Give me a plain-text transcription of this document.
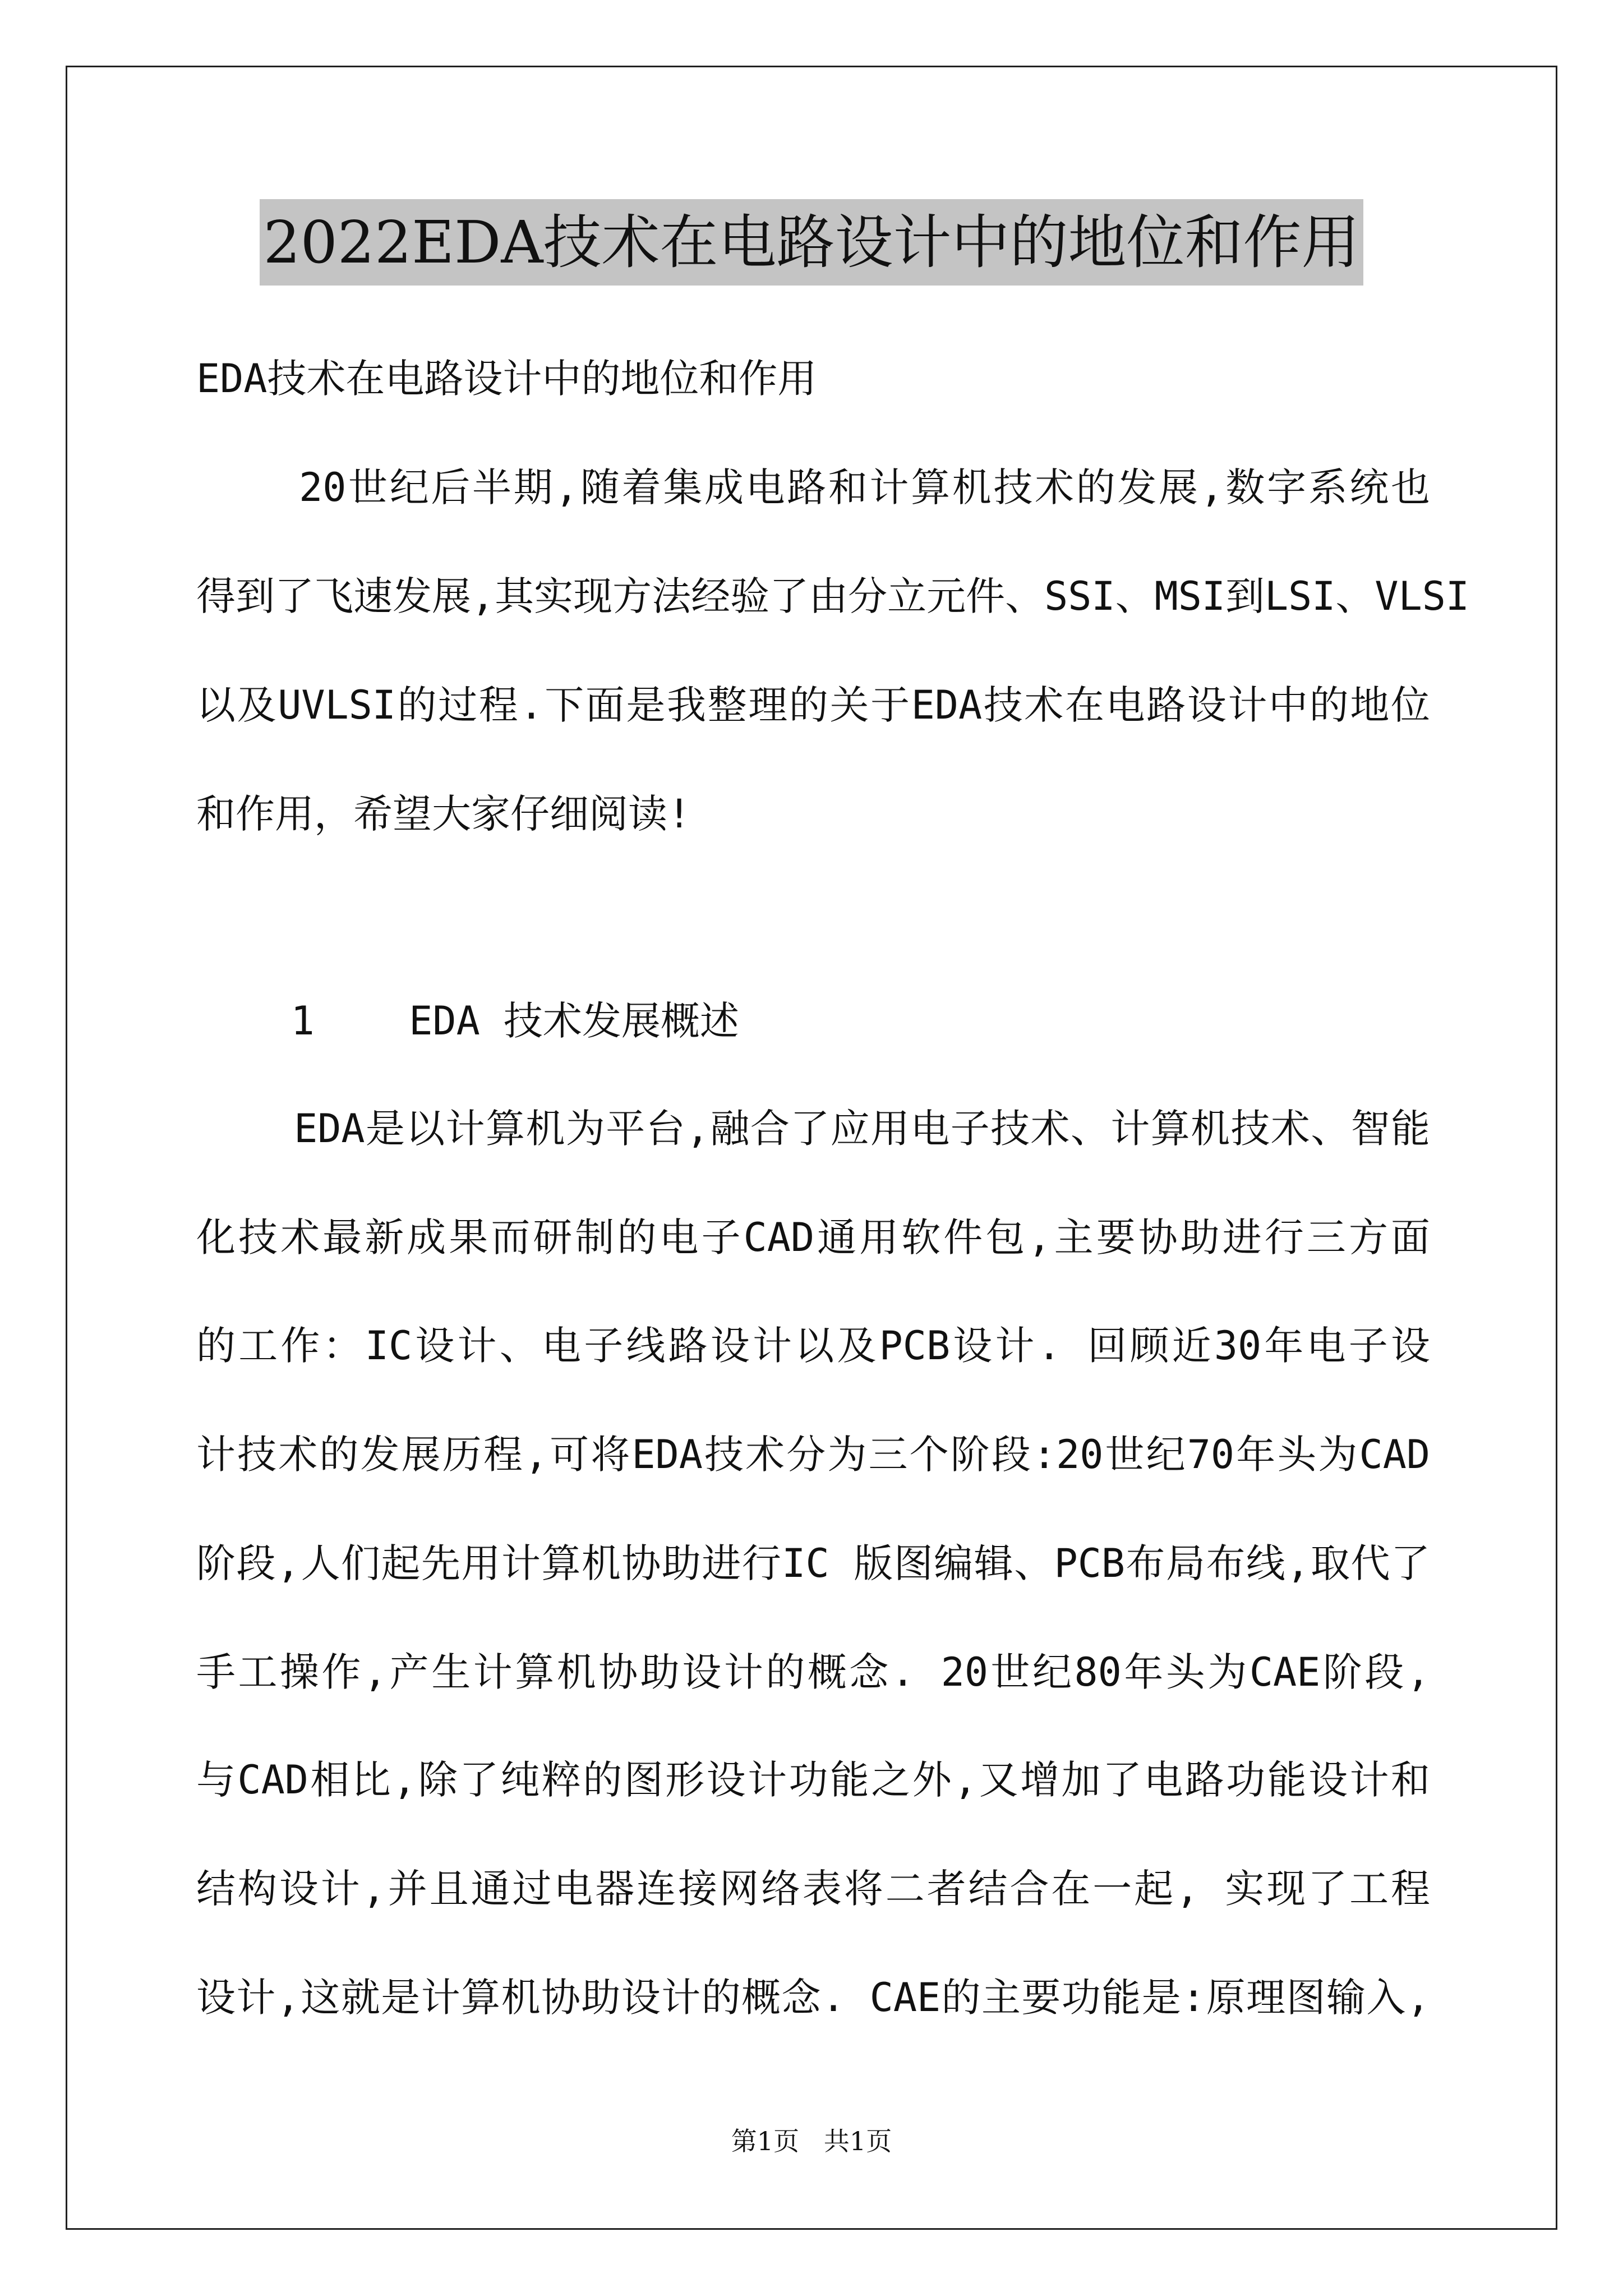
2022EDA技术在电路设计中的地位和作用
EDA技术在电路设计中的地位和作用
20世纪后半期,随着集成电路和计算机技术的发展,数字系统也
得到了飞速发展,其实现方法经验了由分立元件、SSI、MSI到LSI、VLSI
以及UVLSI的过程.下面是我整理的关于EDA技术在电路设计中的地位
和作用，希望大家仔细阅读!
1    EDA 技术发展概述
EDA是以计算机为平台,融合了应用电子技术、计算机技术、智能
化技术最新成果而研制的电子CAD通用软件包,主要协助进行三方面
的工作：IC设计、电子线路设计以及PCB设计. 回顾近30年电子设
计技术的发展历程,可将EDA技术分为三个阶段:20世纪70年头为CAD
阶段,人们起先用计算机协助进行IC 版图编辑、PCB布局布线,取代了
手工操作,产生计算机协助设计的概念. 20世纪80年头为CAE阶段,
与CAD相比,除了纯粹的图形设计功能之外,又增加了电路功能设计和
结构设计,并且通过电器连接网络表将二者结合在一起, 实现了工程
设计,这就是计算机协助设计的概念. CAE的主要功能是:原理图输入,
第1页   共1页
